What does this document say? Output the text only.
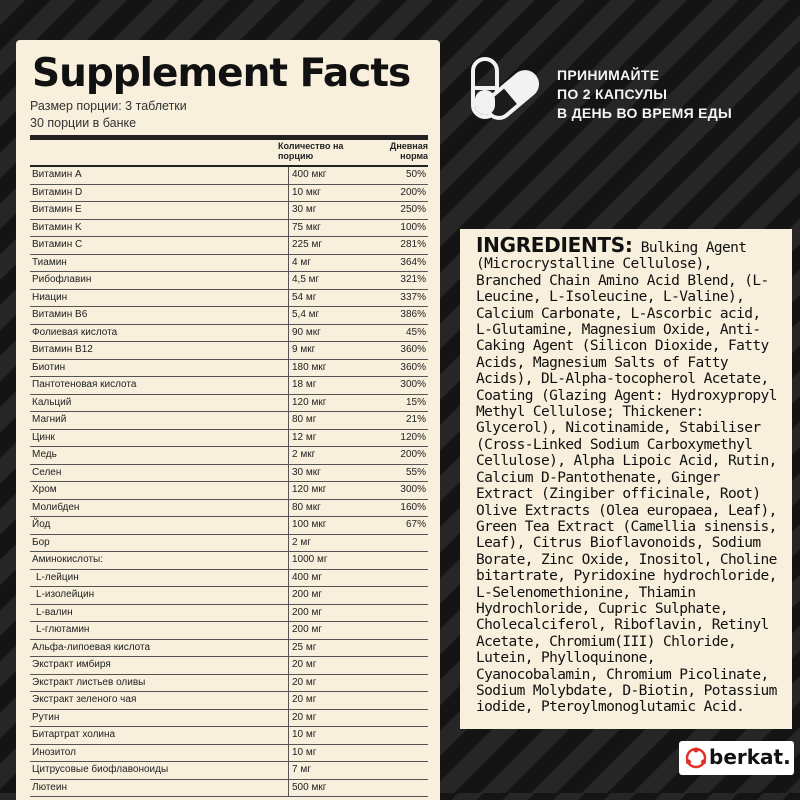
Supplement Facts
Размер порции: 3 таблетки
30 порции в банке
Количество на порцию
Дневная норма
Витамин А	400 мкг	50%
Витамин D	10 мкг	200%
Витамин E	30 мг	250%
Витамин K	75 мкг	100%
Витамин C	225 мг	281%
Тиамин	4 мг	364%
Рибофлавин	4,5 мг	321%
Ниацин	54 мг	337%
Витамин В6	5,4 мг	386%
Фолиевая кислота	90 мкг	45%
Витамин В12	9 мкг	360%
Биотин	180 мкг	360%
Пантотеновая кислота	18 мг	300%
Кальций	120 мкг	15%
Магний	80 мг	21%
Цинк	12 мг	120%
Медь	2 мкг	200%
Селен	30 мкг	55%
Хром	120 мкг	300%
Молибден	80 мкг	160%
Йод	100 мкг	67%
Бор	2 мг
Аминокислоты:	1000 мг
L-лейцин	400 мг
L-изолейцин	200 мг
L-валин	200 мг
L-глютамин	200 мг
Альфа-липоевая кислота	25 мг
Экстракт имбиря	20 мг
Экстракт листьев оливы	20 мг
Экстракт зеленого чая	20 мг
Рутин	20 мг
Битартрат холина	10 мг
Инозитол	10 мг
Цитрусовые биофлавоноиды	7 мг
Лютеин	500 мкг
ПРИНИМАЙТЕ
ПО 2 КАПСУЛЫ
В ДЕНЬ ВО ВРЕМЯ ЕДЫ
INGREDIENTS: Bulking Agent (Microcrystalline Cellulose), Branched Chain Amino Acid Blend, (L-Leucine, L-Isoleucine, L-Valine), Calcium Carbonate, L-Ascorbic acid, L-Glutamine, Magnesium Oxide, Anti-Caking Agent (Silicon Dioxide, Fatty Acids, Magnesium Salts of Fatty Acids), DL-Alpha-tocopherol Acetate, Coating (Glazing Agent: Hydroxypropyl Methyl Cellulose; Thickener: Glycerol), Nicotinamide, Stabiliser (Cross-Linked Sodium Carboxymethyl Cellulose), Alpha Lipoic Acid, Rutin, Calcium D-Pantothenate, Ginger Extract (Zingiber officinale, Root) Olive Extracts (Olea europaea, Leaf), Green Tea Extract (Camellia sinensis, Leaf), Citrus Bioflavonoids, Sodium Borate, Zinc Oxide, Inositol, Choline bitartrate, Pyridoxine hydrochloride, L-Selenomethionine, Thiamin Hydrochloride, Cupric Sulphate, Cholecalciferol, Riboflavin, Retinyl Acetate, Chromium(III) Chloride, Lutein, Phylloquinone, Cyanocobalamin, Chromium Picolinate, Sodium Molybdate, D-Biotin, Potassium iodide, Pteroylmonoglutamic Acid.
berkat.
